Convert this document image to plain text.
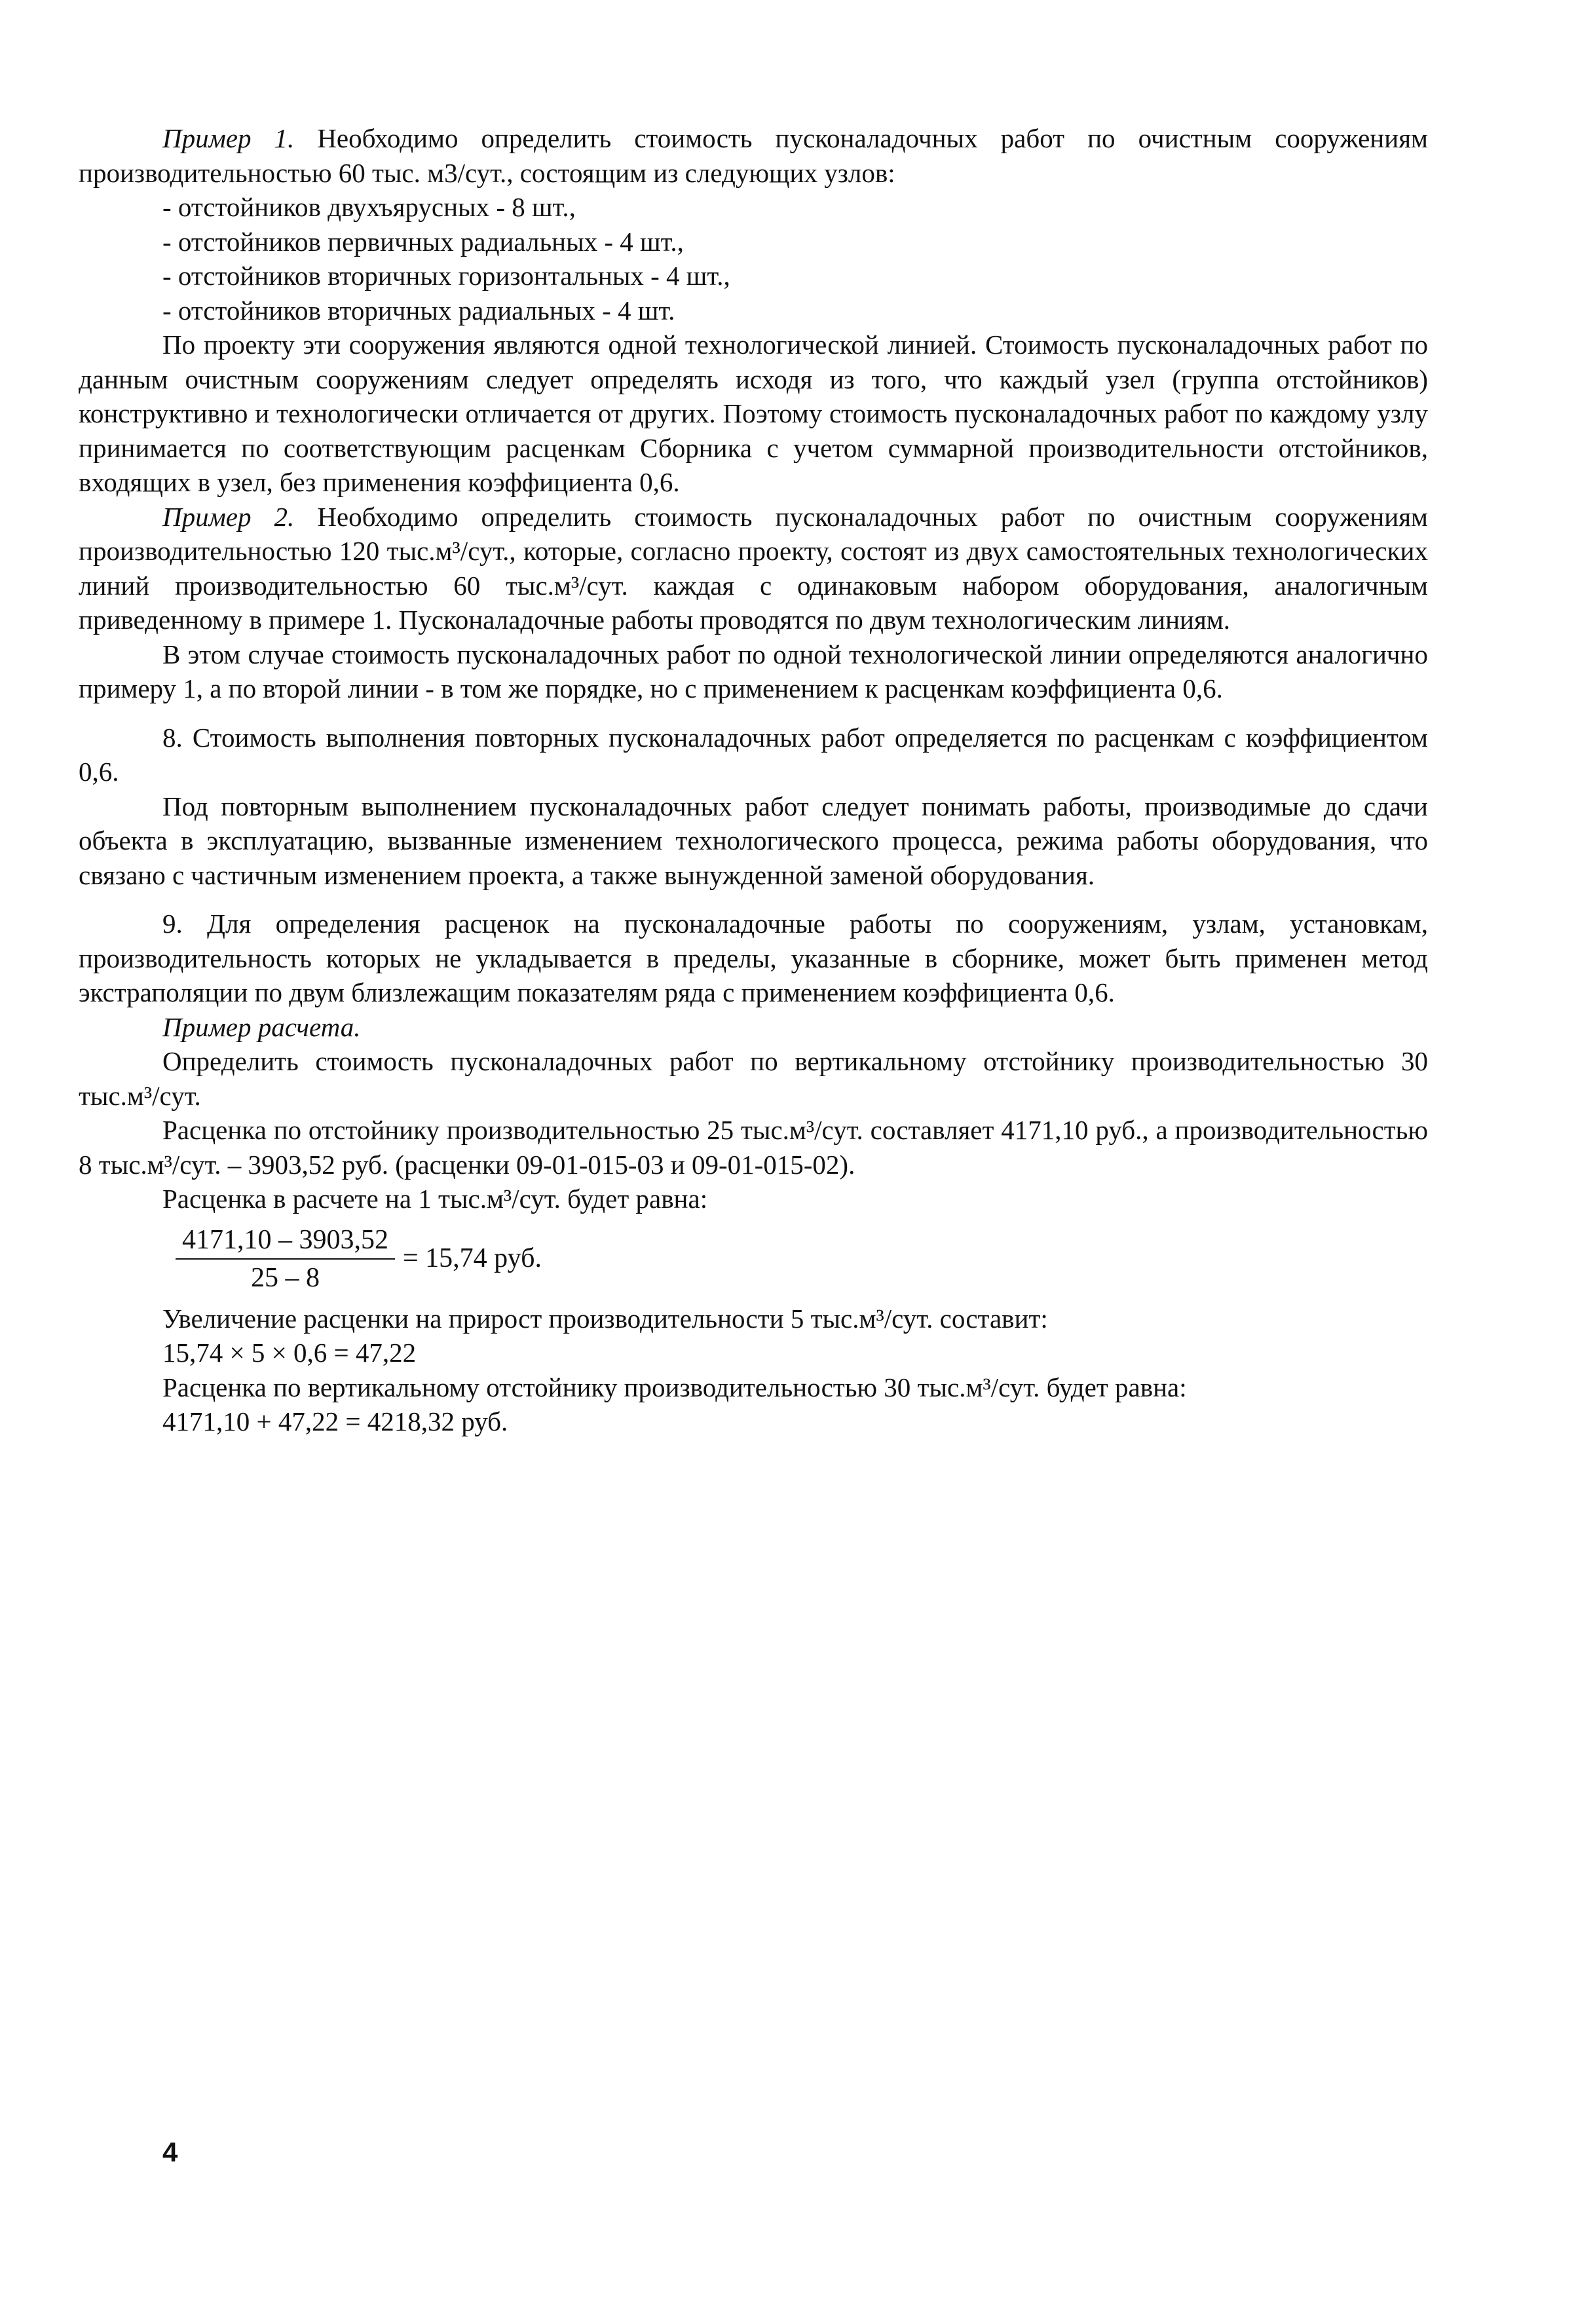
Пример 1. Необходимо определить стоимость пусконаладочных работ по очистным сооружениям производительностью 60 тыс. м3/сут., состоящим из следующих узлов:

- отстойников двухъярусных - 8 шт.,

- отстойников первичных радиальных - 4 шт.,

- отстойников вторичных горизонтальных - 4 шт.,

- отстойников вторичных радиальных - 4 шт.

По проекту эти сооружения являются одной технологической линией. Стоимость пусконаладочных работ по данным очистным сооружениям следует определять исходя из того, что каждый узел (группа отстойников) конструктивно и технологически отличается от других. Поэтому стоимость пусконаладочных работ по каждому узлу принимается по соответствующим расценкам Сборника с учетом суммарной производительности отстойников, входящих в узел, без применения коэффициента 0,6.

Пример 2. Необходимо определить стоимость пусконаладочных работ по очистным сооружениям производительностью 120 тыс.м³/сут., которые, согласно проекту, состоят из двух самостоятельных технологических линий производительностью 60 тыс.м³/сут. каждая с одинаковым набором оборудования, аналогичным приведенному в примере 1. Пусконаладочные работы проводятся по двум технологическим линиям.

В этом случае стоимость пусконаладочных работ по одной технологической линии определяются аналогично примеру 1, а по второй линии - в том же порядке, но с применением к расценкам коэффициента 0,6.

8. Стоимость выполнения повторных пусконаладочных работ определяется по расценкам с коэффициентом 0,6.

Под повторным выполнением пусконаладочных работ следует понимать работы, производимые до сдачи объекта в эксплуатацию, вызванные изменением технологического процесса, режима работы оборудования, что связано с частичным изменением проекта, а также вынужденной заменой оборудования.

9. Для определения расценок на пусконаладочные работы по сооружениям, узлам, установкам, производительность которых не укладывается в пределы, указанные в сборнике, может быть применен метод экстраполяции по двум близлежащим показателям ряда с применением коэффициента 0,6.

Пример расчета.

Определить стоимость пусконаладочных работ по вертикальному отстойнику производительностью 30 тыс.м³/сут.

Расценка по отстойнику производительностью 25 тыс.м³/сут. составляет 4171,10 руб., а производительностью 8 тыс.м³/сут. – 3903,52 руб. (расценки 09-01-015-03 и 09-01-015-02).

Расценка в расчете на 1 тыс.м³/сут. будет равна:

$\frac{4171,10 - 3903,52}{25 - 8} = 15,74$ руб.

Увеличение расценки на прирост производительности 5 тыс.м³/сут. составит:

15,74 × 5 × 0,6 = 47,22

Расценка по вертикальному отстойнику производительностью 30 тыс.м³/сут. будет равна:

4171,10 + 47,22 = 4218,32 руб.

4
